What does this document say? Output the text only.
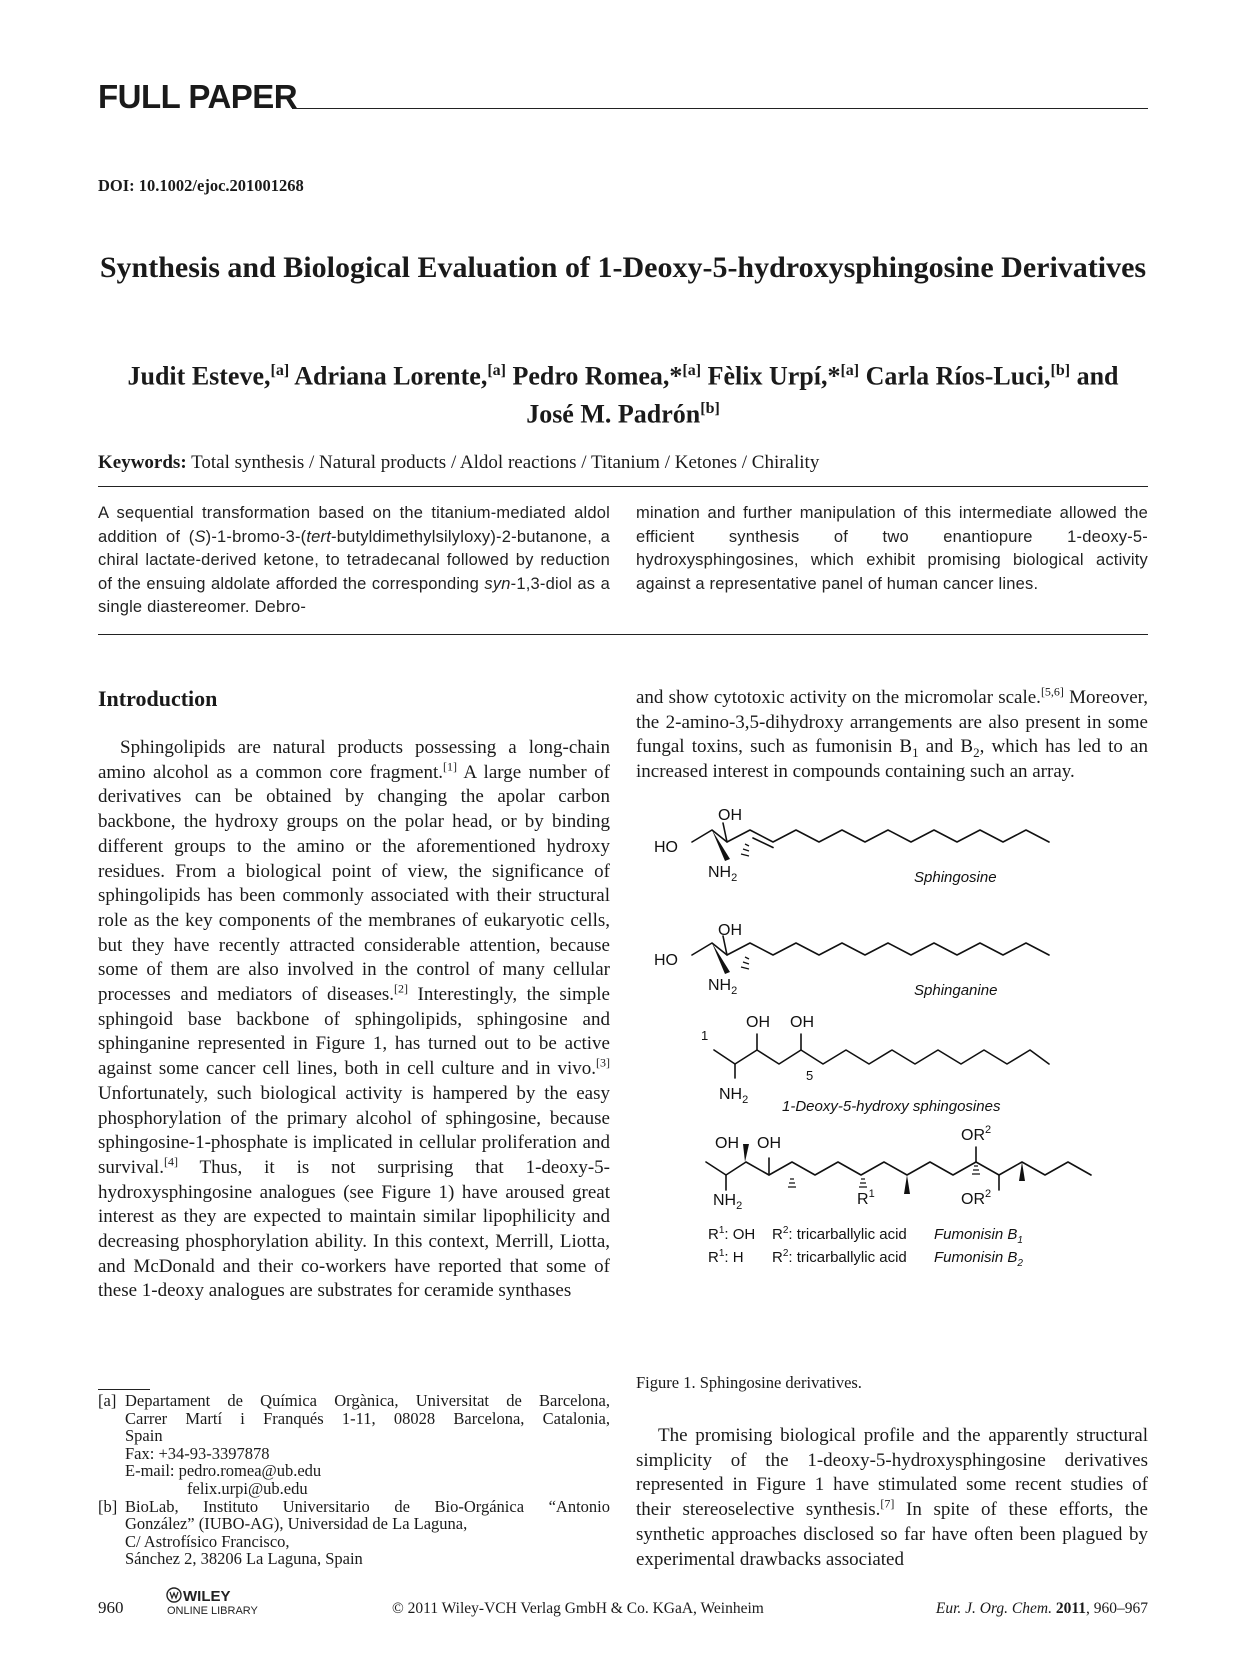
FULL PAPER
DOI: 10.1002/ejoc.201001268
Synthesis and Biological Evaluation of 1-Deoxy-5-hydroxysphingosine Derivatives
Judit Esteve,[a] Adriana Lorente,[a] Pedro Romea,*[a] Fèlix Urpí,*[a] Carla Ríos-Luci,[b] and
José M. Padrón[b]
Keywords: Total synthesis / Natural products / Aldol reactions / Titanium / Ketones / Chirality
A sequential transformation based on the titanium-mediated aldol addition of (S)-1-bromo-3-(tert-butyldimethylsilyloxy)-2-butanone, a chiral lactate-derived ketone, to tetradecanal followed by reduction of the ensuing aldolate afforded the corresponding syn-1,3-diol as a single diastereomer. Debro-
mination and further manipulation of this intermediate allowed the efficient synthesis of two enantiopure 1-deoxy-5-hydroxysphingosines, which exhibit promising biological activity against a representative panel of human cancer lines.
Introduction

Sphingolipids are natural products possessing a long-chain amino alcohol as a common core fragment.[1] A large number of derivatives can be obtained by changing the apolar carbon backbone, the hydroxy groups on the polar head, or by binding different groups to the amino or the aforementioned hydroxy residues. From a biological point of view, the significance of sphingolipids has been commonly associated with their structural role as the key components of the membranes of eukaryotic cells, but they have recently attracted considerable attention, because some of them are also involved in the control of many cellular processes and mediators of diseases.[2] Interestingly, the simple sphingoid base backbone of sphingolipids, sphingosine and sphinganine represented in Figure 1, has turned out to be active against some cancer cell lines, both in cell culture and in vivo.[3] Unfortunately, such biological activity is hampered by the easy phosphorylation of the primary alcohol of sphingosine, because sphingosine-1-phosphate is implicated in cellular proliferation and survival.[4] Thus, it is not surprising that 1-deoxy-5-hydroxysphingosine analogues (see Figure 1) have aroused great interest as they are expected to maintain similar lipophilicity and decreasing phosphorylation ability. In this context, Merrill, Liotta, and McDonald and their co-workers have reported that some of these 1-deoxy analogues are substrates for ceramide synthases

and show cytotoxic activity on the micromolar scale.[5,6] Moreover, the 2-amino-3,5-dihydroxy arrangements are also present in some fungal toxins, such as fumonisin $B_1$ and $B_2$, which has led to an increased interest in compounds containing such an array.

OH
HO
$NH_2$	Sphingosine
OH
HO
$NH_2$	Sphinganine
OH OH
1
5
$NH_2$ 1-Deoxy-5-hydroxy sphingosines
OH OH	$OR^2$
$NH_2$	$R^1$	$OR^2$
$R^1$: OH $R^2$: tricarballylic acid Fumonisin $B_1$
$R^1$: H $R^2$: tricarballylic acid Fumonisin $B_2$
Figure 1. Sphingosine derivatives.

The promising biological profile and the apparently structural simplicity of the 1-deoxy-5-hydroxysphingosine derivatives represented in Figure 1 have stimulated some recent studies of their stereoselective synthesis.[7] In spite of these efforts, the synthetic approaches disclosed so far have often been plagued by experimental drawbacks associated

[a] Departament de Química Orgànica, Universitat de Barcelona,
Carrer Martí i Franqués 1-11, 08028 Barcelona, Catalonia,
Spain
Fax: +34-93-3397878
E-mail: pedro.romea@ub.edu
felix.urpi@ub.edu
[b] BioLab, Instituto Universitario de Bio-Orgánica “Antonio
González” (IUBO-AG), Universidad de La Laguna,
C/ Astrofísico Francisco,
Sánchez 2, 38206 La Laguna, Spain
960
WILEY
ONLINE LIBRARY	© 2011 Wiley-VCH Verlag GmbH & Co. KGaA, Weinheim	Eur. J. Org. Chem. 2011, 960–967
